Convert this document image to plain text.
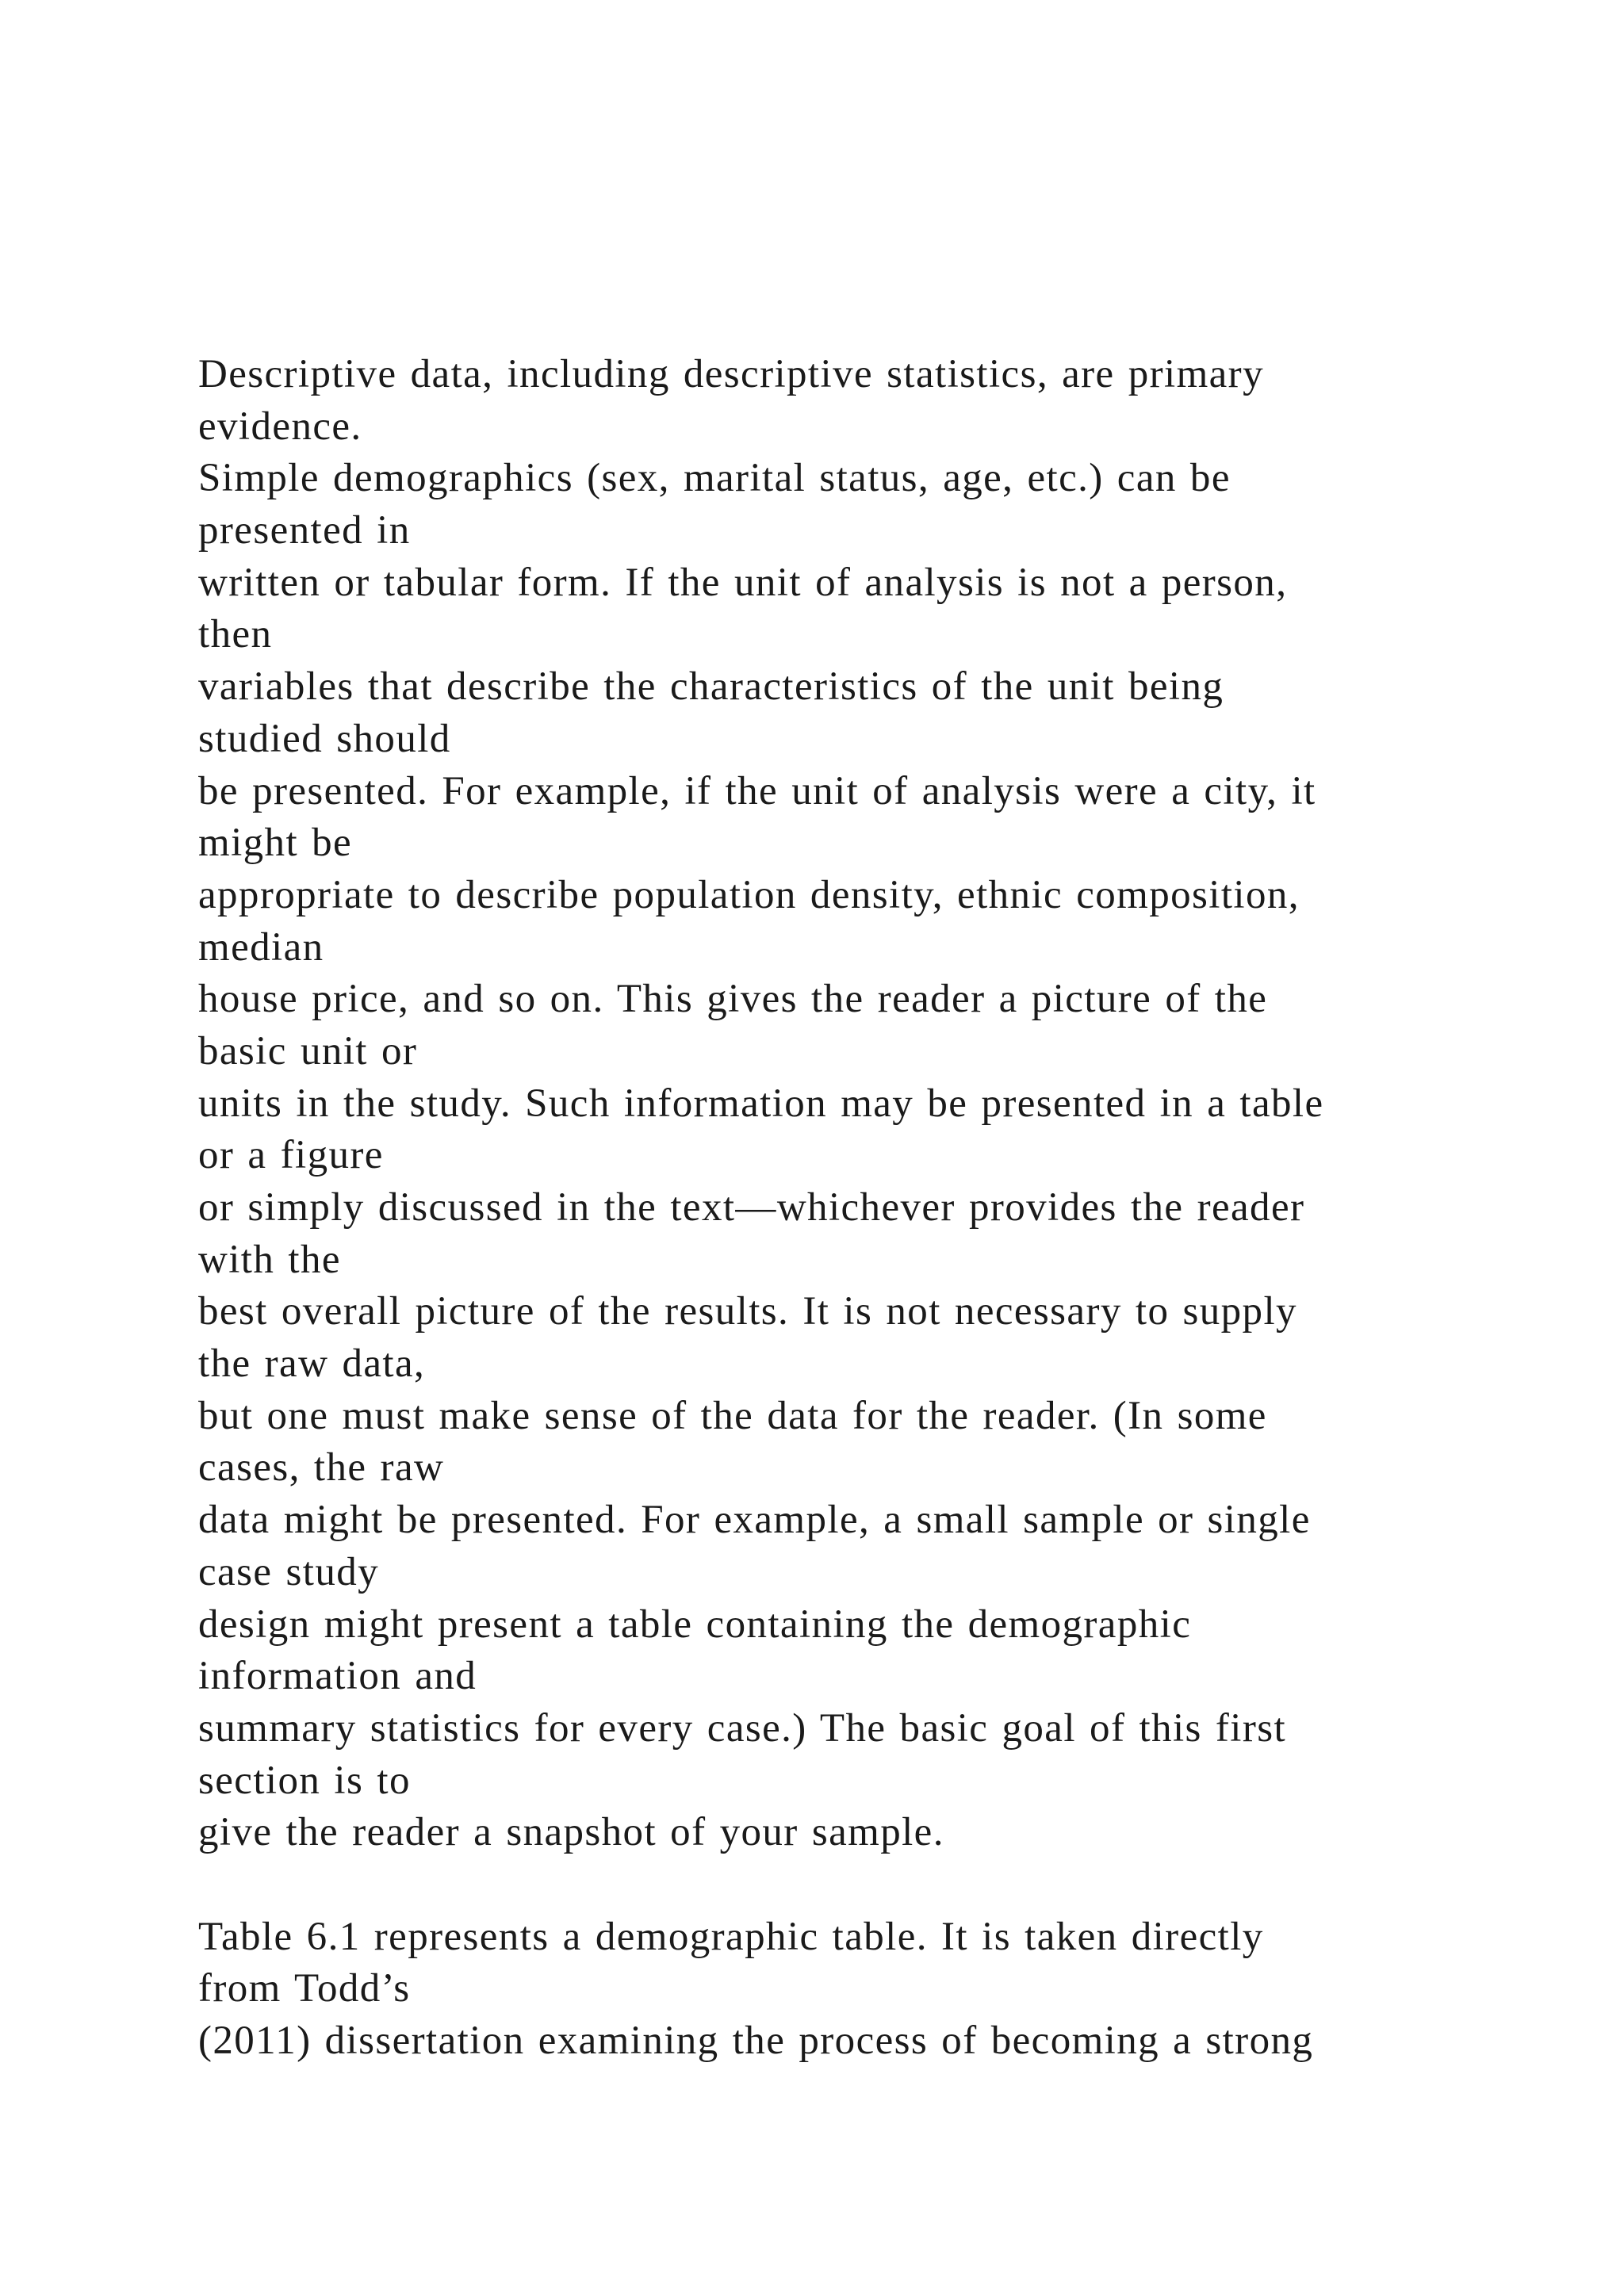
Descriptive data, including descriptive statistics, are primary
evidence.
Simple demographics (sex, marital status, age, etc.) can be
presented in
written or tabular form. If the unit of analysis is not a person,
then
variables that describe the characteristics of the unit being
studied should
be presented. For example, if the unit of analysis were a city, it
might be
appropriate to describe population density, ethnic composition,
median
house price, and so on. This gives the reader a picture of the
basic unit or
units in the study. Such information may be presented in a table
or a figure
or simply discussed in the text—whichever provides the reader
with the
best overall picture of the results. It is not necessary to supply
the raw data,
but one must make sense of the data for the reader. (In some
cases, the raw
data might be presented. For example, a small sample or single
case study
design might present a table containing the demographic
information and
summary statistics for every case.) The basic goal of this first
section is to
give the reader a snapshot of your sample.
Table 6.1 represents a demographic table. It is taken directly
from Todd’s
(2011) dissertation examining the process of becoming a strong
